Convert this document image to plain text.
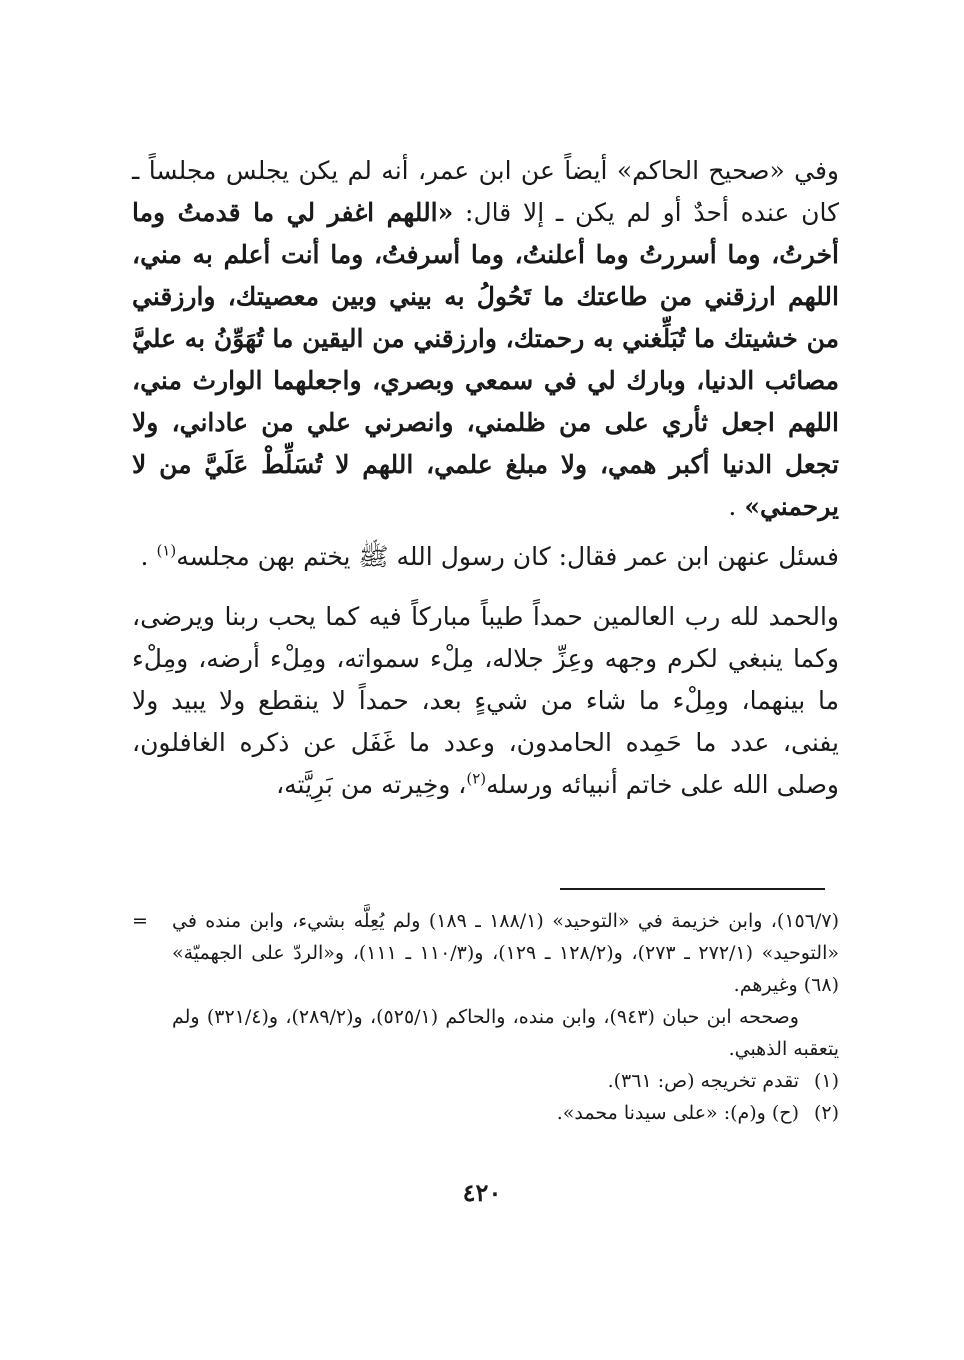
وفي «صحيح الحاكم» أيضاً عن ابن عمر، أنه لم يكن يجلس مجلساً ـ كان عنده أحدٌ أو لم يكن ـ إلا قال: «اللهم اغفر لي ما قدمتُ وما أخرتُ، وما أسررتُ وما أعلنتُ، وما أسرفتُ، وما أنت أعلم به مني، اللهم ارزقني من طاعتك ما تَحُولُ به بيني وبين معصيتك، وارزقني من خشيتك ما تُبَلِّغني به رحمتك، وارزقني من اليقين ما تُهَوِّنُ به عليَّ مصائب الدنيا، وبارك لي في سمعي وبصري، واجعلهما الوارث مني، اللهم اجعل ثأري على من ظلمني، وانصرني علي من عاداني، ولا تجعل الدنيا أكبر همي، ولا مبلغ علمي، اللهم لا تُسَلِّطْ عَلَيَّ من لا يرحمني» .

فسئل عنهن ابن عمر فقال: كان رسول الله ﷺ يختم بهن مجلسه$^{(١)}$ .

والحمد لله رب العالمين حمداً طيباً مباركاً فيه كما يحب ربنا ويرضى، وكما ينبغي لكرم وجهه وعِزِّ جلاله، مِلْء سمواته، ومِلْء أرضه، ومِلْء ما بينهما، ومِلْء ما شاء من شيءٍ بعد، حمداً لا ينقطع ولا يبيد ولا يفنى، عدد ما حَمِده الحامدون، وعدد ما غَفَل عن ذكره الغافلون، وصلى الله على خاتم أنبيائه ورسله$^{(٢)}$، وخِيرته من بَرِيَّته،

(١٥٦/٧)، وابن خزيمة في «التوحيد» (١٨٨/١ ـ ١٨٩) ولم يُعِلَّه بشيء، وابن منده في «التوحيد» (٢٧٢/١ ـ ٢٧٣)، و(١٢٨/٢ ـ ١٢٩)، و(١١٠/٣ ـ ١١١)، و«الردّ على الجهميّة» (٦٨) وغيرهم.
=
وصححه ابن حبان (٩٤٣)، وابن منده، والحاكم (٥٢٥/١)، و(٢٨٩/٢)، و(٣٢١/٤) ولم يتعقبه الذهبي.
(١)
تقدم تخريجه (ص: ٣٦١).
(٢)
(ح) و(م): «على سيدنا محمد».
٤٢٠
